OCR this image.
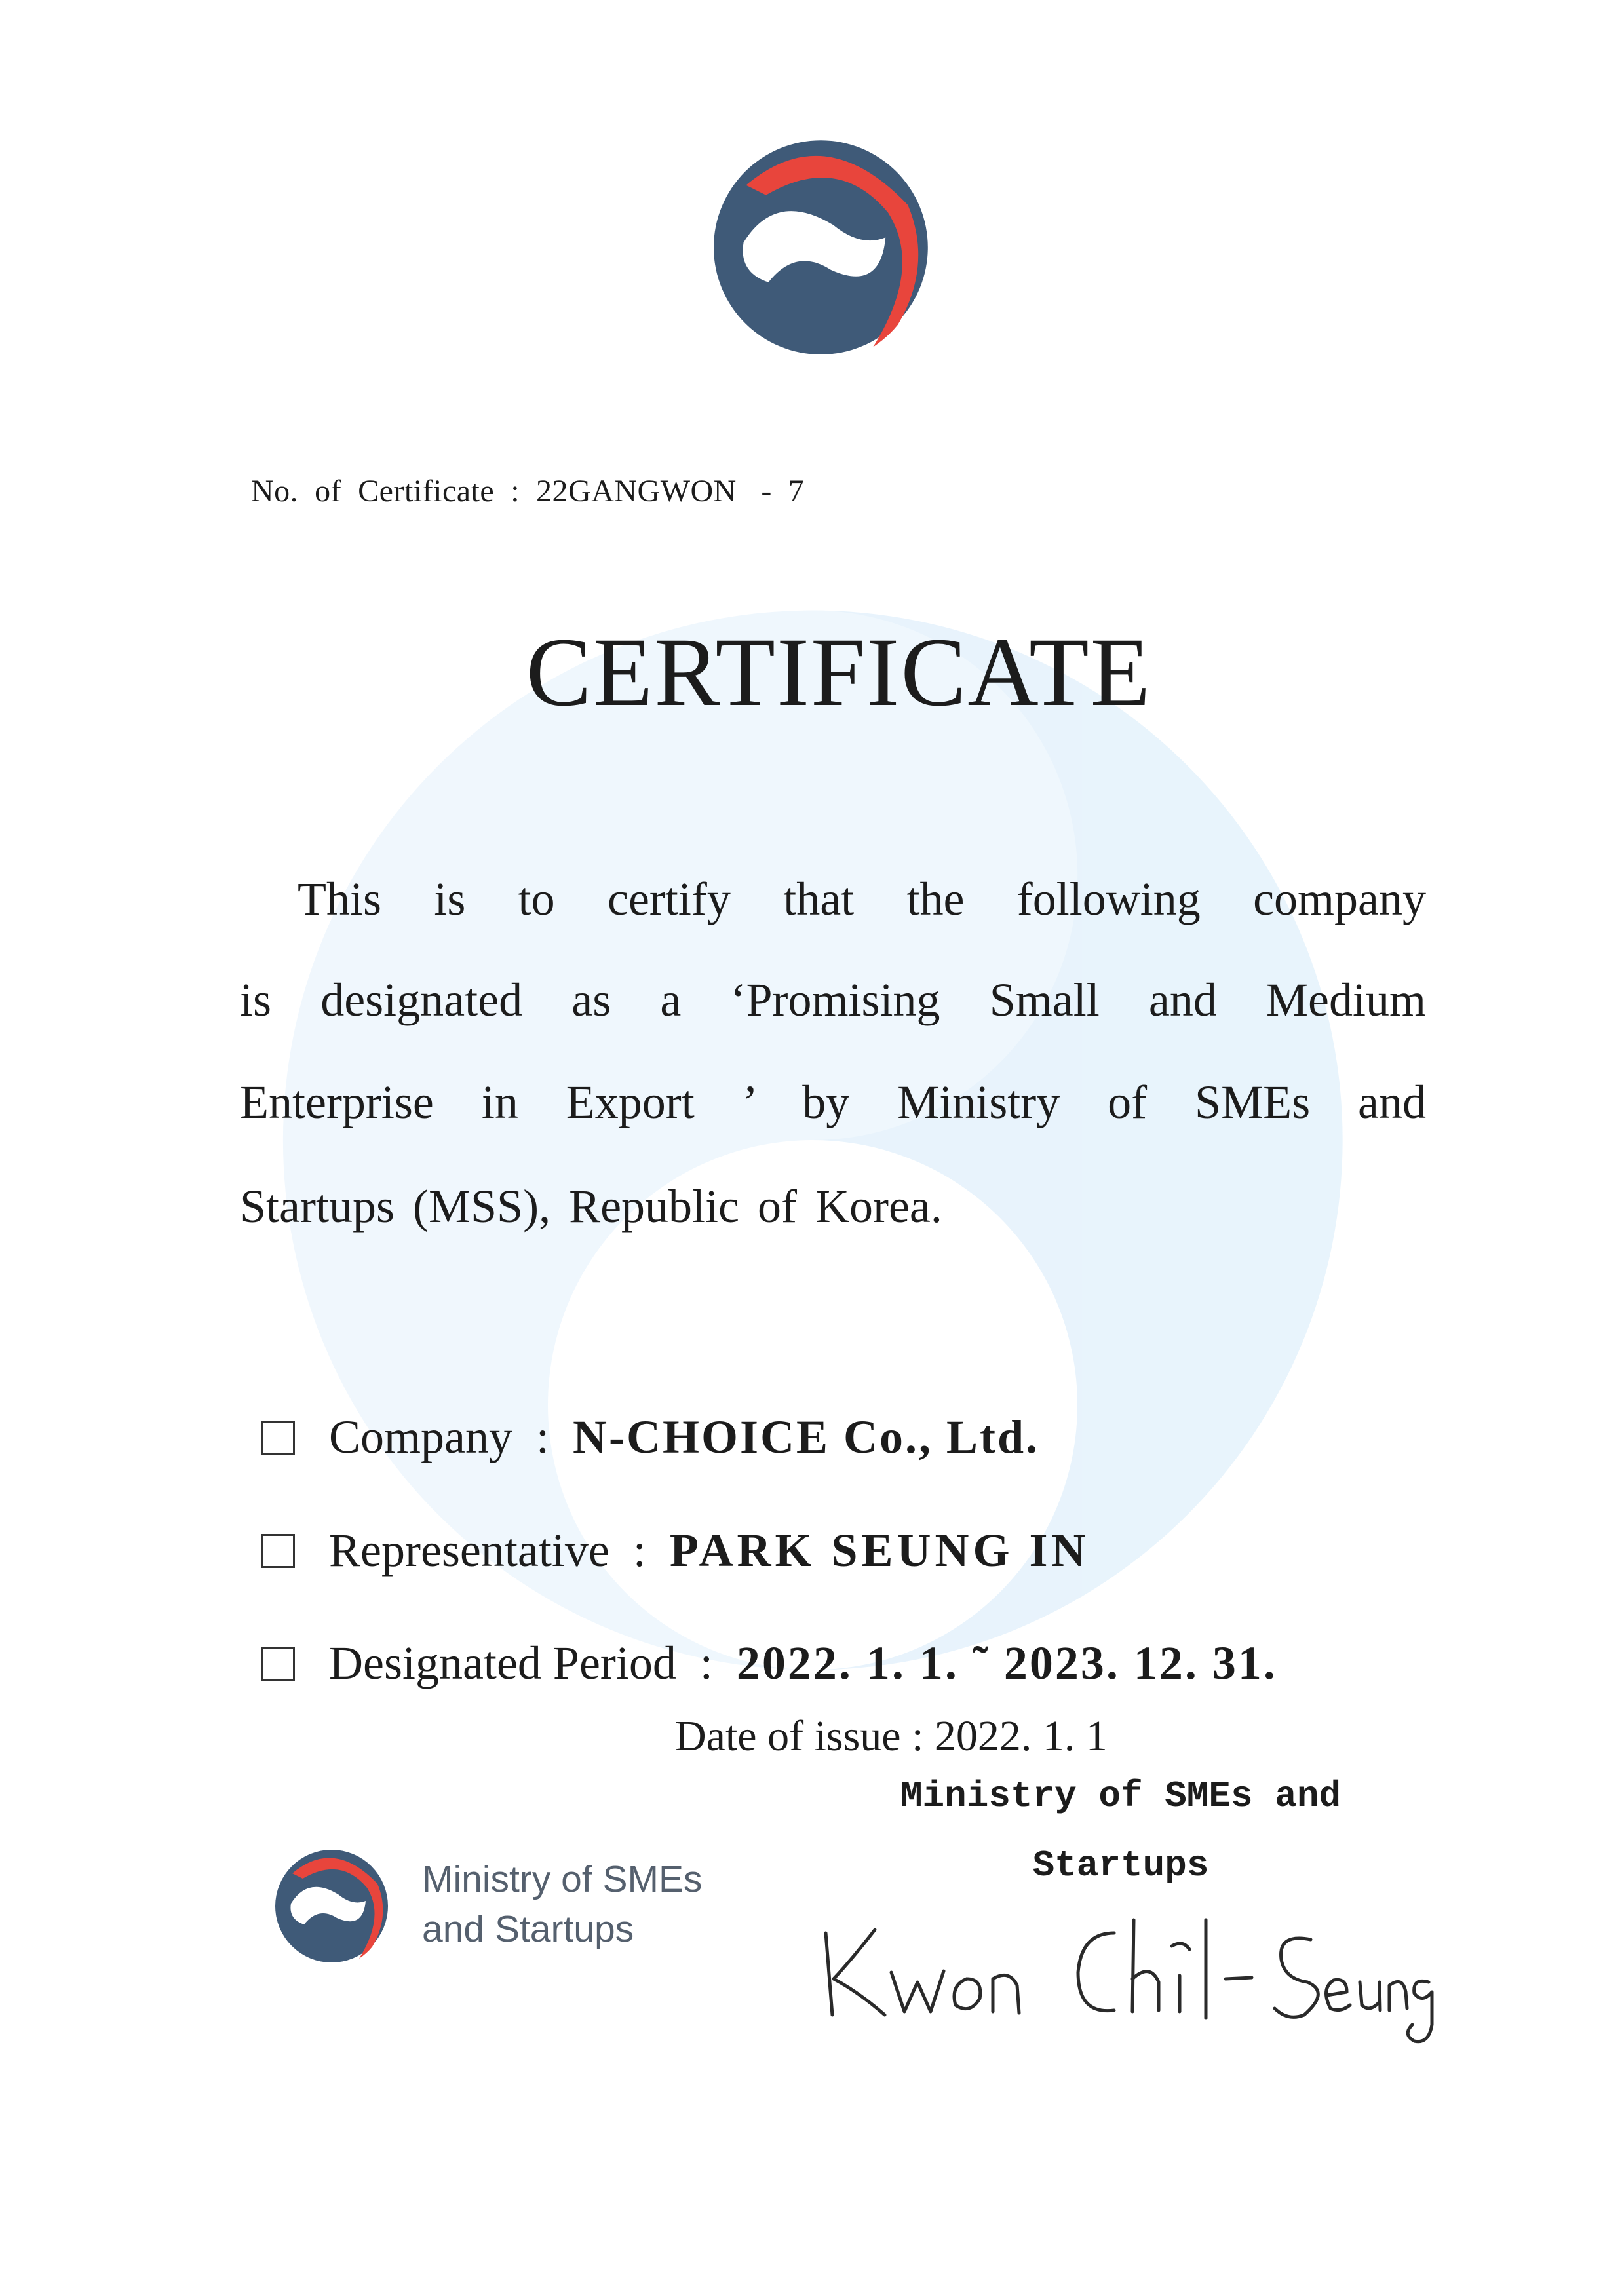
No.  of  Certificate  :  22GANGWON   -  7
CERTIFICATE
This is to certify that the following company
is designated as a ‘Promising Small and Medium
Enterprise in Export ’ by Ministry of SMEs and
Startups (MSS), Republic of Korea.

Company  :  N-CHOICE Co., Ltd.

Representative  :  PARK SEUNG IN

Designated Period  :  2022. 1. 1. ˜ 2023. 12. 31.

Date of issue : 2022. 1. 1
Ministry of SMEs and
Startups
Ministry of SMEs
and Startups
